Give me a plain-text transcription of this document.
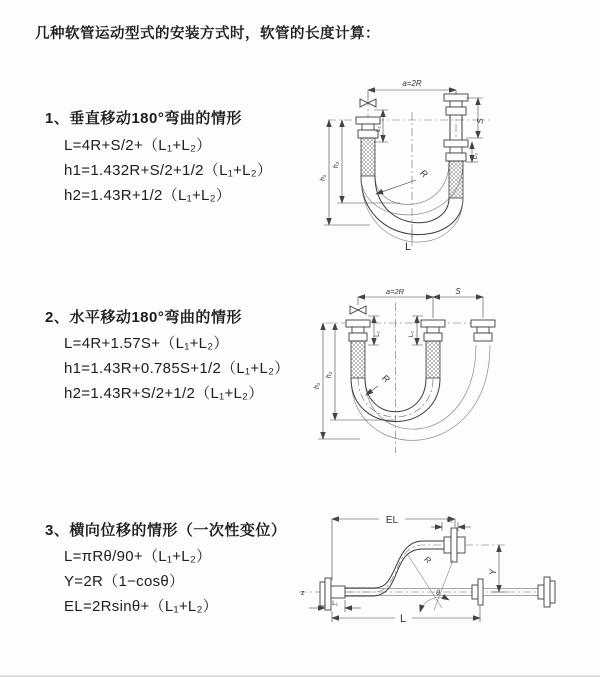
几种软管运动型式的安装方式时，软管的长度计算：
1、垂直移动180°弯曲的情形
L=4R+S/2+（L₁+L₂）
h1=1.432R+S/2+1/2（L₁+L₂）
h2=1.43R+1/2（L₁+L₂）
2、水平移动180°弯曲的情形
L=4R+1.57S+（L₁+L₂）
h1=1.43R+0.785S+1/2（L₁+L₂）
h2=1.43R+S/2+1/2（L₁+L₂）
3、横向位移的情形（一次性变位）
L=πRθ/90+（L₁+L₂）
Y=2R（1−cosθ）
EL=2Rsinθ+（L₁+L₂）
a=2R
h₁
h₂
L₁
S
L₂
R
L
a=2R	S
h₁
h₂
L₁	L₂
R
z
EL	L₂
Y
R
θ
L₁
L
